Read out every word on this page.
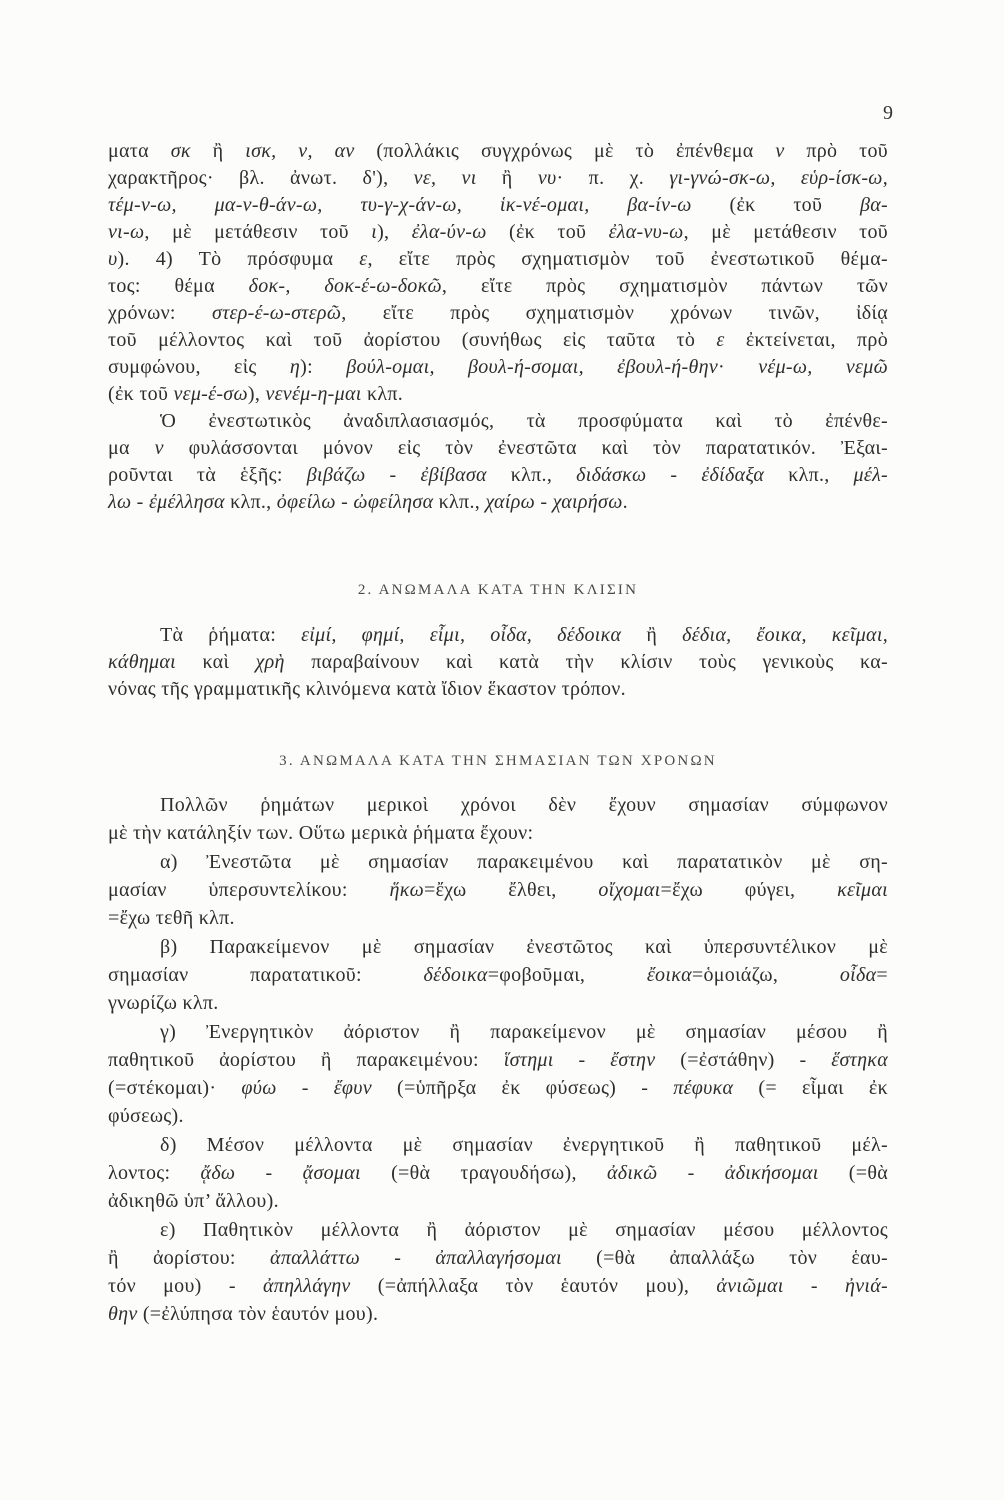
9
ματα σκ ἢ ισκ, ν, αν (πολλάκις συγχρόνως μὲ τὸ ἐπένθεμα ν πρὸ τοῦ
χαρακτῆρος· βλ. ἀνωτ. δ'), νε, νι ἢ νυ· π. χ. γι-γνώ-σκ-ω, εὑρ-ίσκ-ω,
τέμ-ν-ω, μα-ν-θ-άν-ω, τυ-γ-χ-άν-ω, ἱκ-νέ-ομαι, βα-ίν-ω (ἐκ τοῦ βα-
νι-ω, μὲ μετάθεσιν τοῦ ι), ἐλα-ύν-ω (ἐκ τοῦ ἐλα-νυ-ω, μὲ μετάθεσιν τοῦ
υ). 4) Τὸ πρόσφυμα ε, εἴτε πρὸς σχηματισμὸν τοῦ ἐνεστωτικοῦ θέμα-
τος: θέμα δοκ-, δοκ-έ-ω-δοκῶ, εἴτε πρὸς σχηματισμὸν πάντων τῶν
χρόνων: στερ-έ-ω-στερῶ, εἴτε πρὸς σχηματισμὸν χρόνων τινῶν, ἰδίᾳ
τοῦ μέλλοντος καὶ τοῦ ἀορίστου (συνήθως εἰς ταῦτα τὸ ε ἐκτείνεται, πρὸ
συμφώνου, εἰς η): βούλ-ομαι, βουλ-ή-σομαι, ἐβουλ-ή-θην· νέμ-ω, νεμῶ
(ἐκ τοῦ νεμ-έ-σω), νενέμ-η-μαι κλπ.
Ὁ ἐνεστωτικὸς ἀναδιπλασιασμός, τὰ προσφύματα καὶ τὸ ἐπένθε-
μα ν φυλάσσονται μόνον εἰς τὸν ἐνεστῶτα καὶ τὸν παρατατικόν. Ἐξαι-
ροῦνται τὰ ἑξῆς: βιβάζω - ἐβίβασα κλπ., διδάσκω - ἐδίδαξα κλπ., μέλ-
λω - ἐμέλλησα κλπ., ὀφείλω - ὠφείλησα κλπ., χαίρω - χαιρήσω.
2. ΑΝΩΜΑΛΑ ΚΑΤΑ ΤΗΝ ΚΛΙΣΙΝ
Τὰ ῥήματα: εἰμί, φημί, εἶμι, οἶδα, δέδοικα ἢ δέδια, ἔοικα, κεῖμαι,
κάθημαι καὶ χρὴ παραβαίνουν καὶ κατὰ τὴν κλίσιν τοὺς γενικοὺς κα-
νόνας τῆς γραμματικῆς κλινόμενα κατὰ ἴδιον ἕκαστον τρόπον.
3. ΑΝΩΜΑΛΑ ΚΑΤΑ ΤΗΝ ΣΗΜΑΣΙΑΝ ΤΩΝ ΧΡΟΝΩΝ
Πολλῶν ῥημάτων μερικοὶ χρόνοι δὲν ἔχουν σημασίαν σύμφωνον
μὲ τὴν κατάληξίν των. Οὕτω μερικὰ ῥήματα ἔχουν:
α) Ἐνεστῶτα μὲ σημασίαν παρακειμένου καὶ παρατατικὸν μὲ ση-
μασίαν ὑπερσυντελίκου: ἥκω=ἔχω ἔλθει, οἴχομαι=ἔχω φύγει, κεῖμαι
=ἔχω τεθῆ κλπ.
β) Παρακείμενον μὲ σημασίαν ἐνεστῶτος καὶ ὑπερσυντέλικον μὲ
σημασίαν παρατατικοῦ: δέδοικα=φοβοῦμαι, ἔοικα=ὁμοιάζω, οἶδα=
γνωρίζω κλπ.
γ) Ἐνεργητικὸν ἀόριστον ἢ παρακείμενον μὲ σημασίαν μέσου ἢ
παθητικοῦ ἀορίστου ἢ παρακειμένου: ἵστημι - ἔστην (=ἐστάθην) - ἕστηκα
(=στέκομαι)· φύω - ἔφυν (=ὑπῆρξα ἐκ φύσεως) - πέφυκα (= εἶμαι ἐκ
φύσεως).
δ) Μέσον μέλλοντα μὲ σημασίαν ἐνεργητικοῦ ἢ παθητικοῦ μέλ-
λοντος: ᾄδω - ᾄσομαι (=θὰ τραγουδήσω), ἀδικῶ - ἀδικήσομαι (=θὰ
ἀδικηθῶ ὑπ’ ἄλλου).
ε) Παθητικὸν μέλλοντα ἢ ἀόριστον μὲ σημασίαν μέσου μέλλοντος
ἢ ἀορίστου: ἀπαλλάττω - ἀπαλλαγήσομαι (=θὰ ἀπαλλάξω τὸν ἑαυ-
τόν μου) - ἀπηλλάγην (=ἀπήλλαξα τὸν ἑαυτόν μου), ἀνιῶμαι - ἠνιά-
θην (=ἐλύπησα τὸν ἑαυτόν μου).
